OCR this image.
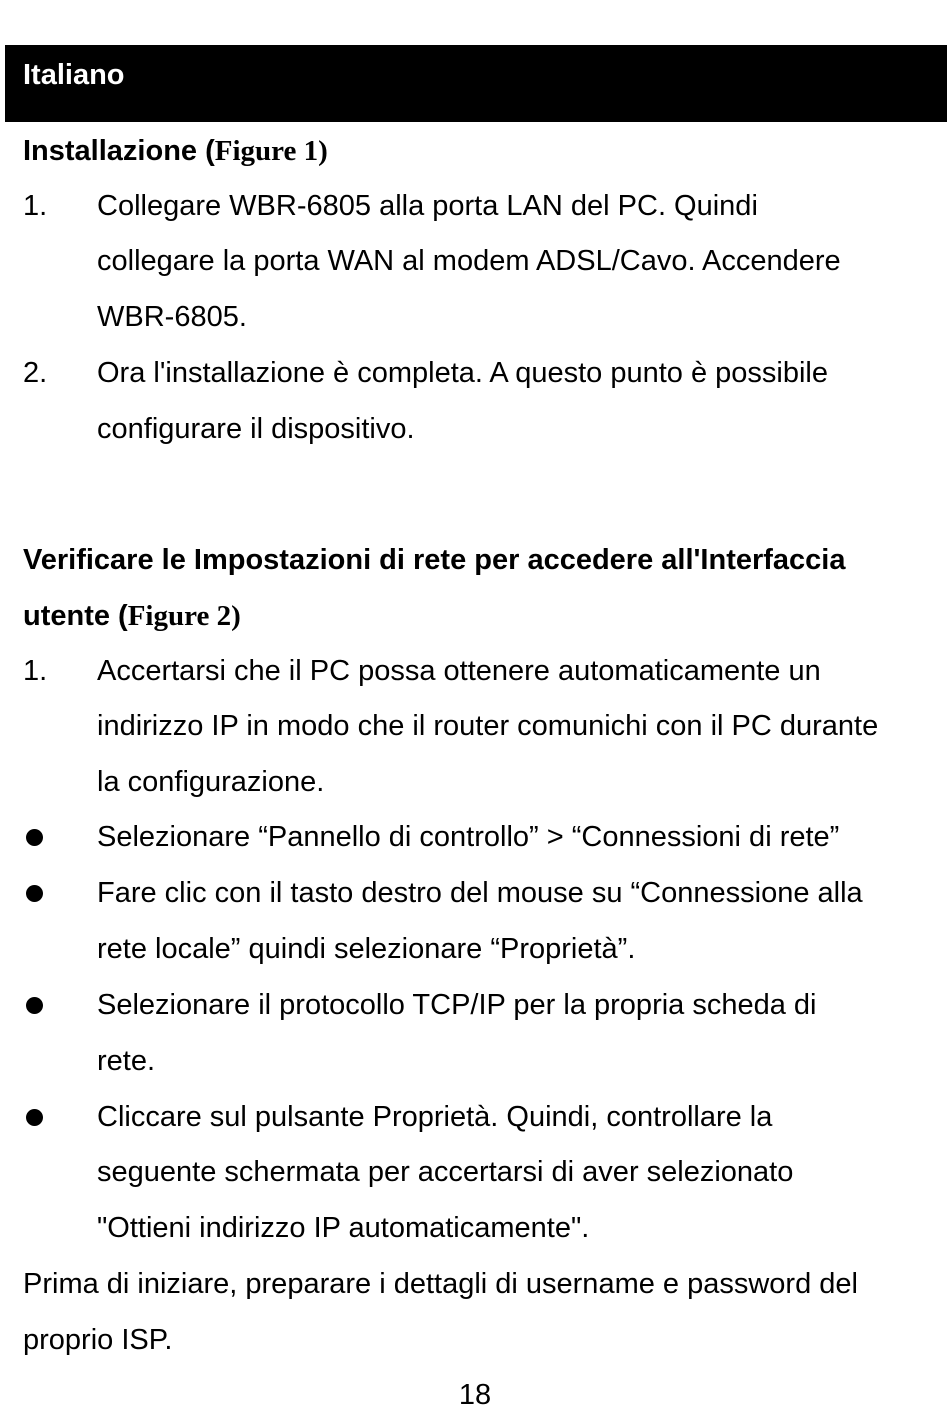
Italiano
Installazione (Figure 1)
1. Collegare WBR-6805 alla porta LAN del PC. Quindi
collegare la porta WAN al modem ADSL/Cavo. Accendere
WBR-6805.
2. Ora l'installazione è completa. A questo punto è possibile
configurare il dispositivo.
Verificare le Impostazioni di rete per accedere all'Interfaccia
utente (Figure 2)
1. Accertarsi che il PC possa ottenere automaticamente un
indirizzo IP in modo che il router comunichi con il PC durante
la configurazione.
Selezionare “Pannello di controllo” > “Connessioni di rete”
Fare clic con il tasto destro del mouse su “Connessione alla
rete locale” quindi selezionare “Proprietà”.
Selezionare il protocollo TCP/IP per la propria scheda di
rete.
Cliccare sul pulsante Proprietà. Quindi, controllare la
seguente schermata per accertarsi di aver selezionato
"Ottieni indirizzo IP automaticamente".
Prima di iniziare, preparare i dettagli di username e password del
proprio ISP.
18
